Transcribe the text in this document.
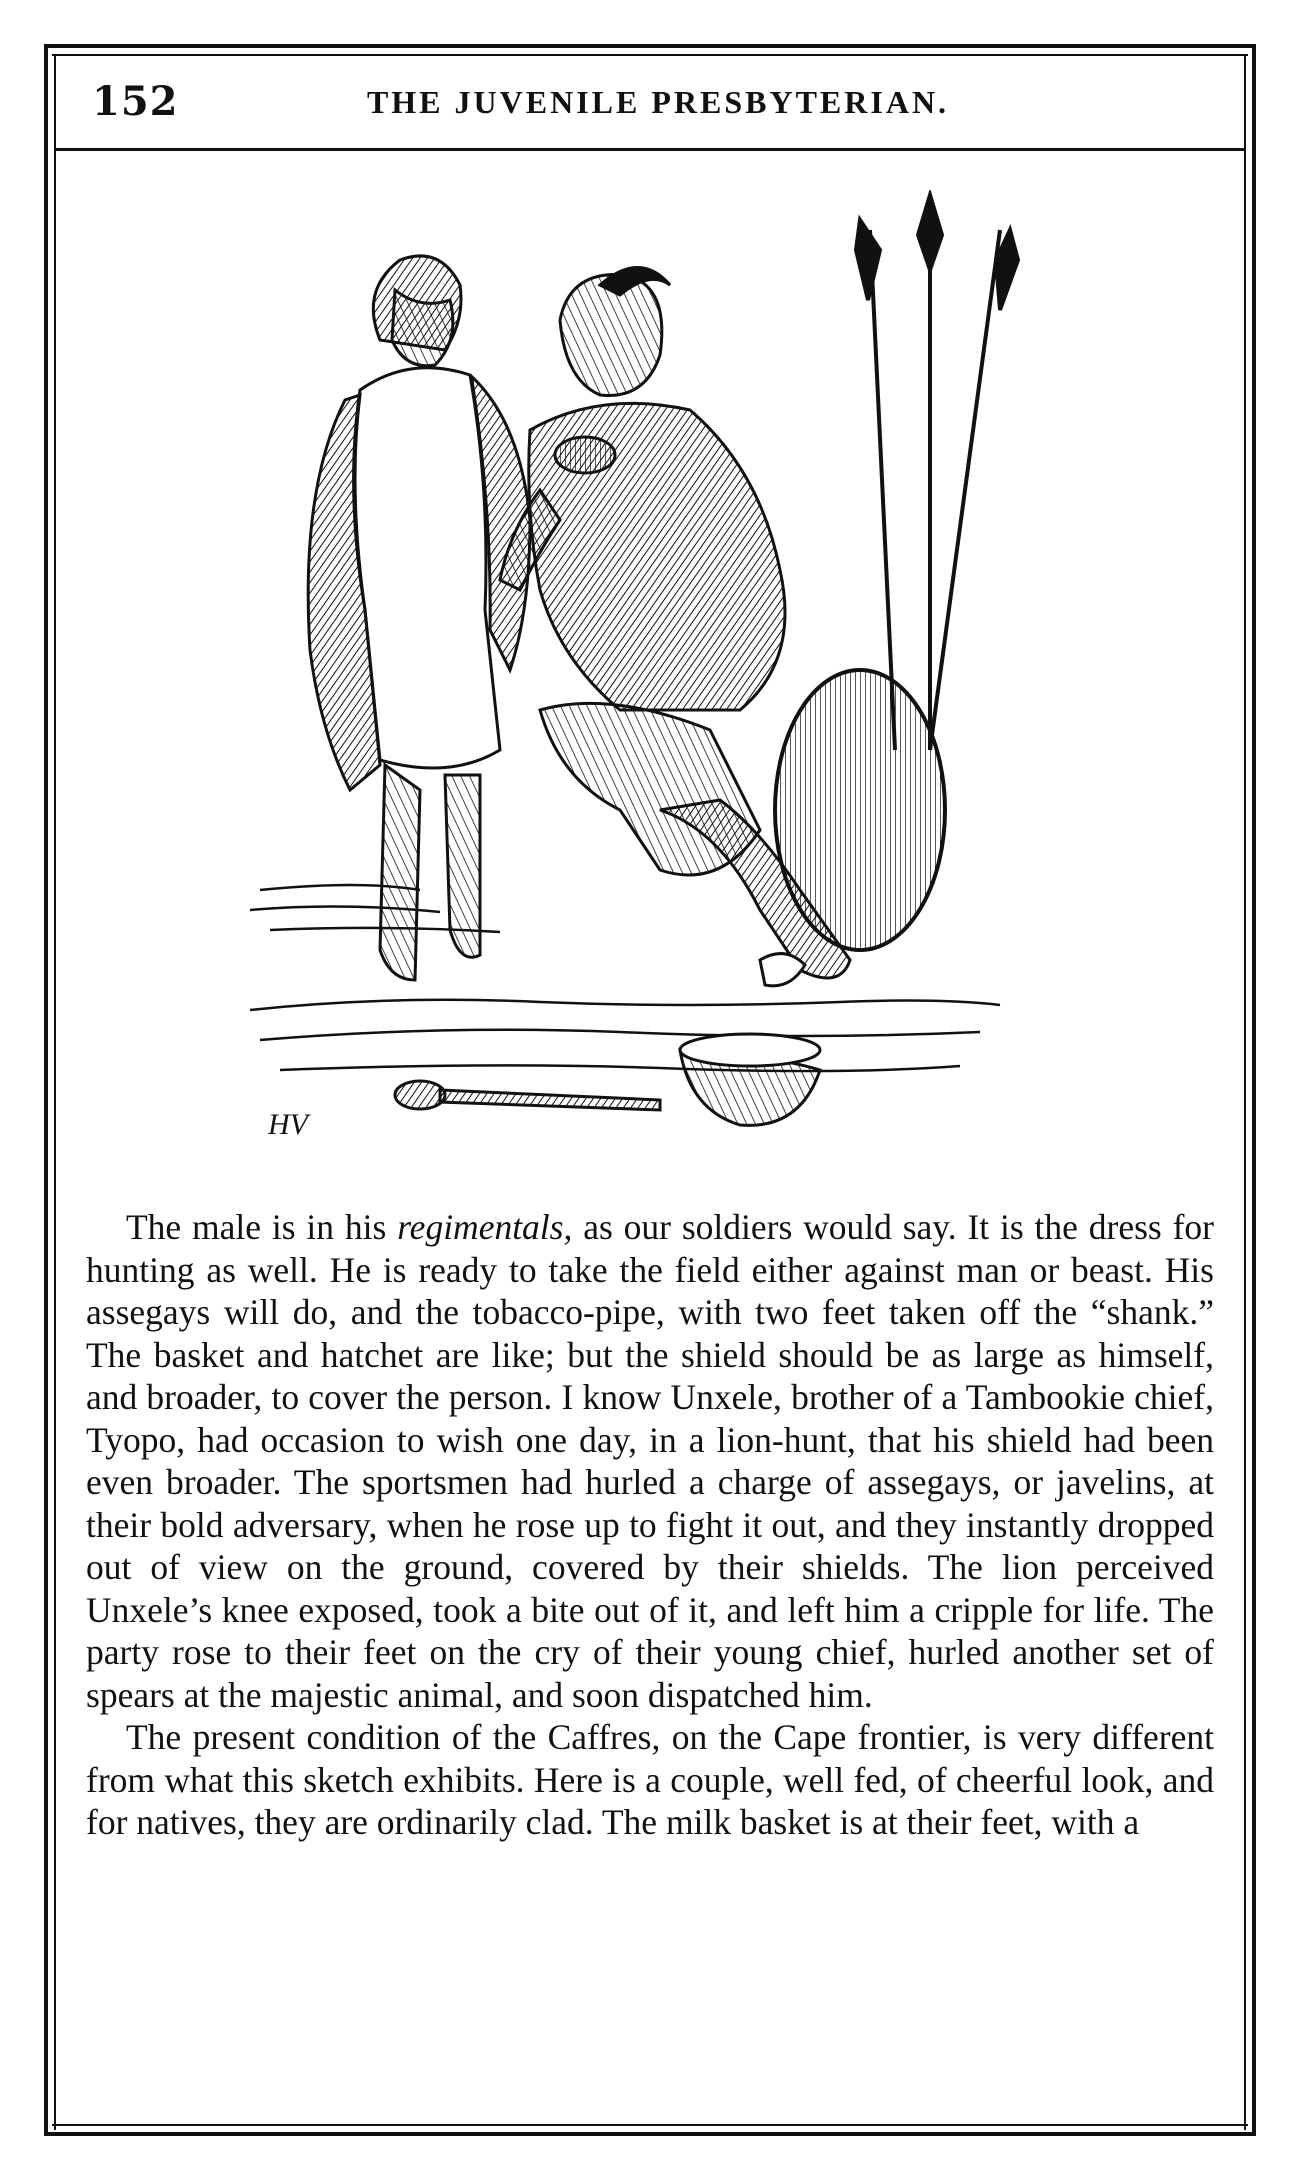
152	THE JUVENILE PRESBYTERIAN.
HV

The male is in his regimentals, as our soldiers would say. It is the dress for hunting as well. He is ready to take the field either against man or beast. His assegays will do, and the tobacco-pipe, with two feet taken off the “shank.” The basket and hatchet are like; but the shield should be as large as himself, and broader, to cover the person. I know Unxele, brother of a Tambookie chief, Tyopo, had occasion to wish one day, in a lion-hunt, that his shield had been even broader. The sportsmen had hurled a charge of assegays, or javelins, at their bold adversary, when he rose up to fight it out, and they instantly dropped out of view on the ground, covered by their shields. The lion perceived Unxele’s knee exposed, took a bite out of it, and left him a cripple for life. The party rose to their feet on the cry of their young chief, hurled another set of spears at the majestic animal, and soon dispatched him.

The present condition of the Caffres, on the Cape frontier, is very different from what this sketch exhibits. Here is a couple, well fed, of cheerful look, and for natives, they are ordinarily clad. The milk basket is at their feet, with a
